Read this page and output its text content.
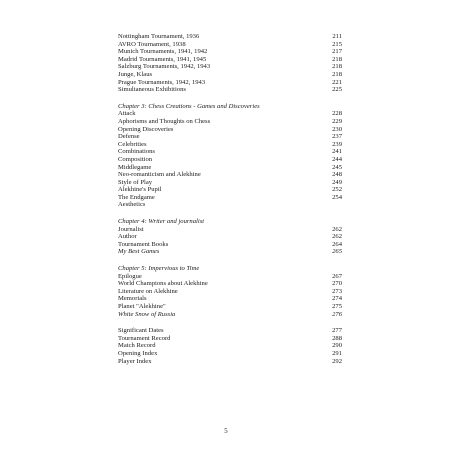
Nottingham Tournament, 1936	211
AVRO Tournament, 1938	215
Munich Tournaments, 1941, 1942	217
Madrid Tournaments, 1941, 1945	218
Salzburg Tournaments, 1942, 1943	218
Junge, Klaus	218
Prague Tournaments, 1942, 1943	221
Simultaneous Exhibitions	225
Chapter 3: Chess Creations - Games and Discoveries
Attack	228
Aphorisms and Thoughts on Chess	229
Opening Discoveries	230
Defense	237
Celebrities	239
Combinations	241
Composition	244
Middlegame	245
Neo-romanticism and Alekhine	248
Style of Play	249
Alekhine's Pupil	252
The Endgame	254
Aesthetics
Chapter 4: Writer and journalist
Journalist	262
Author	262
Tournament Books	264
My Best Games	265
Chapter 5: Impervious to Time
Epilogue	267
World Champions about Alekhine	270
Literature on Alekhine	273
Memorials	274
Planet "Alekhine"	275
White Snow of Russia	276
Significant Dates	277
Tournament Record	288
Match Record	290
Opening Index	291
Player Index	292
5
